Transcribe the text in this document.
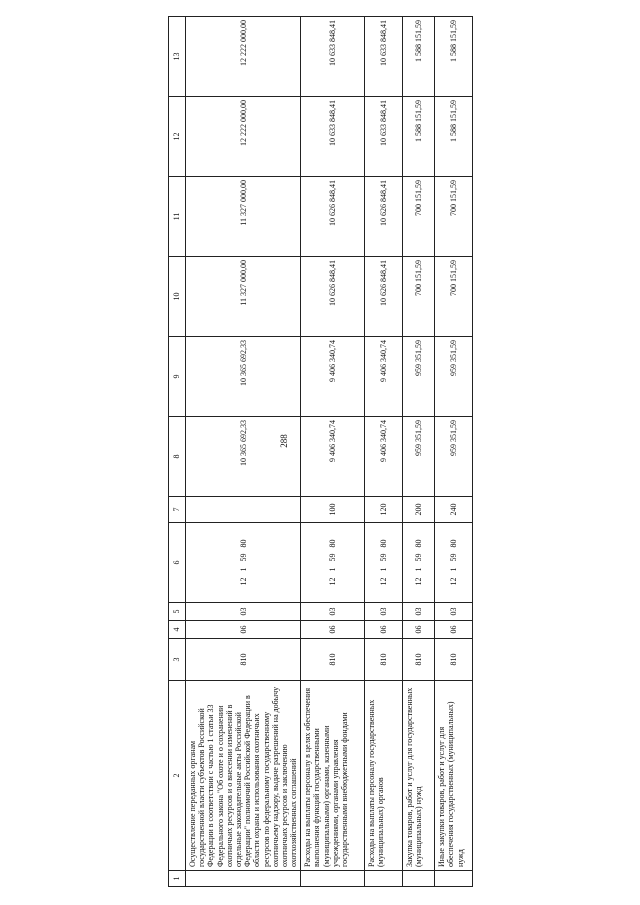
288
1	2	3	4	5	6	7	8	9	10	11	12	13
	Осуществление переданных органам государственной власти субъектов Российской Федерации в соответствии с частью 1 статьи 33 Федерального закона "Об охоте и о сохранении охотничьих ресурсов и о внесении изменений в отдельные законодательные акты Российской Федерации" полномочий Российской Федерации в области охраны и использования охотничьих ресурсов по федеральному государственному охотничьему надзору, выдаче разрешений на добычу охотничьих ресурсов и заключению охотхозяйственных соглашений	810	06	03	12 1 59 80		10 365 692,33	10 365 692,33	11 327 000,00	11 327 000,00	12 222 000,00	12 222 000,00
	Расходы на выплаты персоналу в целях обеспечения выполнения функций государственными (муниципальными) органами, казенными учреждениями, органами управления государственными внебюджетными фондами	810	06	03	12 1 59 80	100	9 406 340,74	9 406 340,74	10 626 848,41	10 626 848,41	10 633 848,41	10 633 848,41
	Расходы на выплаты персоналу государственных (муниципальных) органов	810	06	03	12 1 59 80	120	9 406 340,74	9 406 340,74	10 626 848,41	10 626 848,41	10 633 848,41	10 633 848,41
	Закупка товаров, работ и услуг для государственных (муниципальных) нужд	810	06	03	12 1 59 80	200	959 351,59	959 351,59	700 151,59	700 151,59	1 588 151,59	1 588 151,59
	Иные закупки товаров, работ и услуг для обеспечения государственных (муниципальных) нужд	810	06	03	12 1 59 80	240	959 351,59	959 351,59	700 151,59	700 151,59	1 588 151,59	1 588 151,59
